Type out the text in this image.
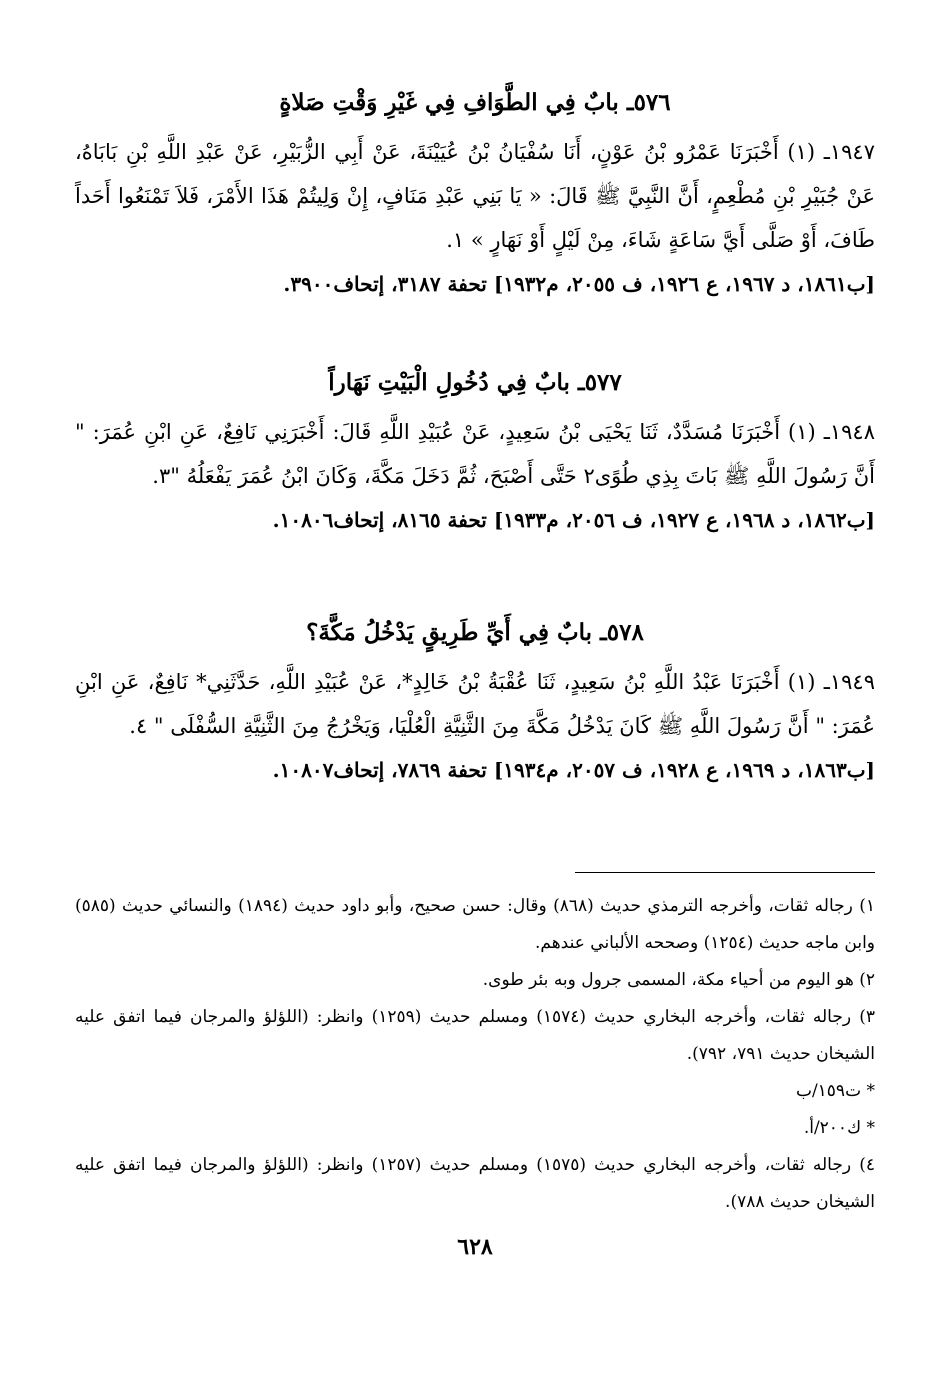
٥٧٦ـ بابٌ فِي الطَّوَافِ فِي غَيْرِ وَقْتِ صَلاةٍ

١٩٤٧ـ (١) أَخْبَرَنَا عَمْرُو بْنُ عَوْنٍ، أَنَا سُفْيَانُ بْنُ عُيَيْنَةَ، عَنْ أَبِي الزُّبَيْرِ، عَنْ عَبْدِ اللَّهِ بْنِ بَابَاهُ، عَنْ جُبَيْرِ بْنِ مُطْعِمٍ، أَنَّ النَّبِيَّ ﷺ قَالَ: « يَا بَنِي عَبْدِ مَنَافٍ، إِنْ وَلِيتُمْ هَذَا الأَمْرَ، فَلاَ تَمْنَعُوا أَحَداً طَافَ، أَوْ صَلَّى أَيَّ سَاعَةٍ شَاءَ، مِنْ لَيْلٍ أَوْ نَهَارٍ » ١.

[ب١٨٦١، د ١٩٦٧، ع ١٩٢٦، ف ٢٠٥٥، م١٩٣٢] تحفة ٣١٨٧، إتحاف٣٩٠٠.

٥٧٧ـ بابٌ فِي دُخُولِ الْبَيْتِ نَهَاراً

١٩٤٨ـ (١) أَخْبَرَنَا مُسَدَّدٌ، ثَنَا يَحْيَى بْنُ سَعِيدٍ، عَنْ عُبَيْدِ اللَّهِ قَالَ: أَخْبَرَنِي نَافِعٌ، عَنِ ابْنِ عُمَرَ: " أَنَّ رَسُولَ اللَّهِ ﷺ بَاتَ بِذِي طُوًى٢ حَتَّى أَصْبَحَ، ثُمَّ دَخَلَ مَكَّةَ، وَكَانَ ابْنُ عُمَرَ يَفْعَلُهُ "٣.

[ب١٨٦٢، د ١٩٦٨، ع ١٩٢٧، ف ٢٠٥٦، م١٩٣٣] تحفة ٨١٦٥، إتحاف١٠٨٠٦.

٥٧٨ـ بابٌ فِي أَيِّ طَرِيقٍ يَدْخُلُ مَكَّةَ؟

١٩٤٩ـ (١) أَخْبَرَنَا عَبْدُ اللَّهِ بْنُ سَعِيدٍ، ثَنَا عُقْبَةُ بْنُ خَالِدٍ*، عَنْ عُبَيْدِ اللَّهِ، حَدَّثَنِي* نَافِعٌ، عَنِ ابْنِ عُمَرَ: " أَنَّ رَسُولَ اللَّهِ ﷺ كَانَ يَدْخُلُ مَكَّةَ مِنَ الثَّنِيَّةِ الْعُلْيَا، وَيَخْرُجُ مِنَ الثَّنِيَّةِ السُّفْلَى " ٤.

[ب١٨٦٣، د ١٩٦٩، ع ١٩٢٨، ف ٢٠٥٧، م١٩٣٤] تحفة ٧٨٦٩، إتحاف١٠٨٠٧.

١) رجاله ثقات، وأخرجه الترمذي حديث (٨٦٨) وقال: حسن صحيح، وأبو داود حديث (١٨٩٤) والنسائي حديث (٥٨٥) وابن ماجه حديث (١٢٥٤) وصححه الألباني عندهم.

٢) هو اليوم من أحياء مكة، المسمى جرول وبه بئر طوى.

٣) رجاله ثقات، وأخرجه البخاري حديث (١٥٧٤) ومسلم حديث (١٢٥٩) وانظر: (اللؤلؤ والمرجان فيما اتفق عليه الشيخان حديث ٧٩١، ٧٩٢).

* ت١٥٩/ب

* ك٢٠٠/أ.

٤) رجاله ثقات، وأخرجه البخاري حديث (١٥٧٥) ومسلم حديث (١٢٥٧) وانظر: (اللؤلؤ والمرجان فيما اتفق عليه الشيخان حديث ٧٨٨).

٦٢٨
